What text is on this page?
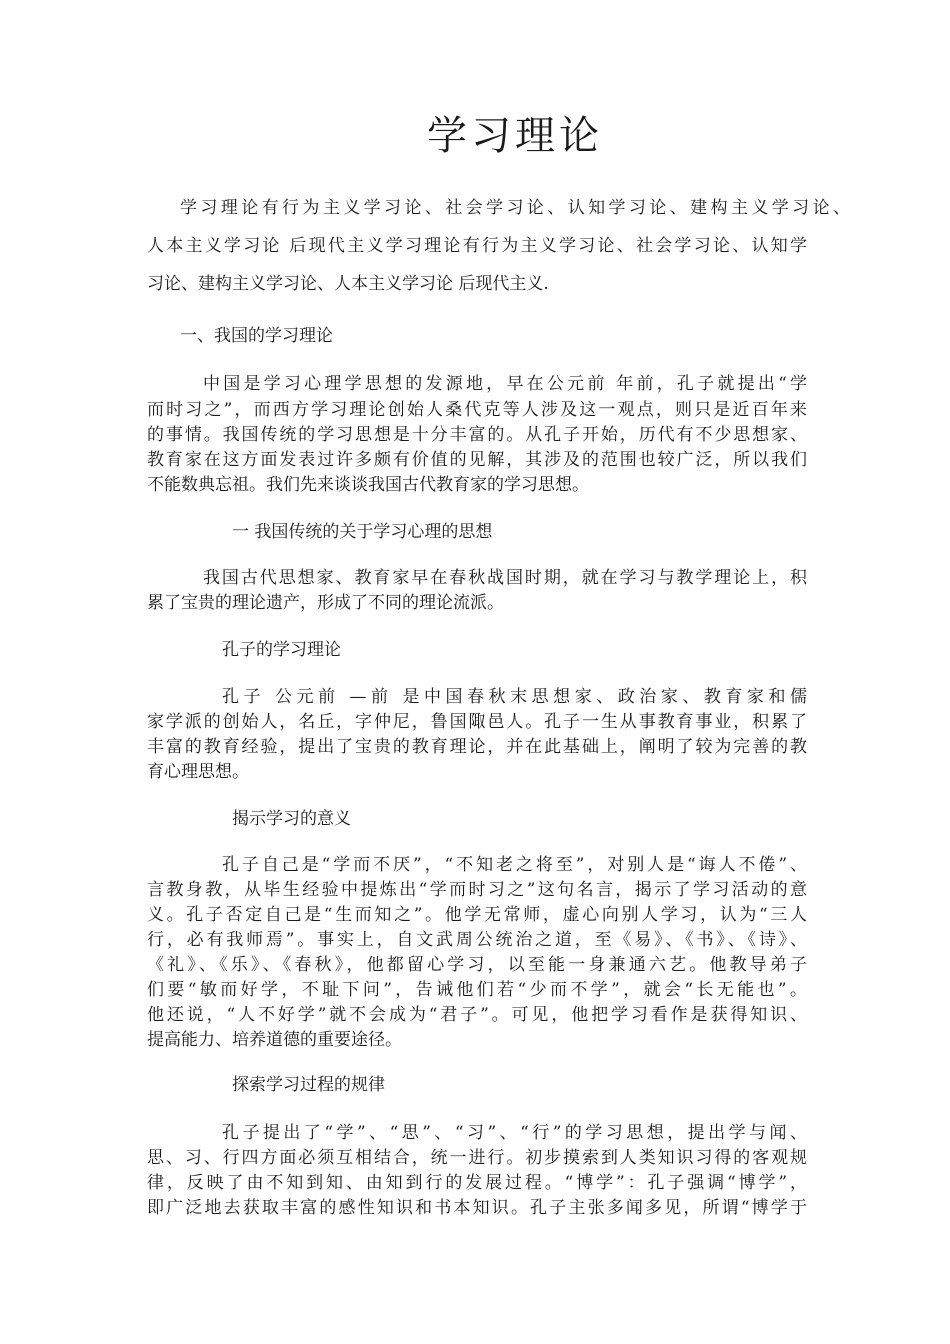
学习理论
学习理论有行为主义学习论、社会学习论、认知学习论、建构主义学习论、
人本主义学习论 后现代主义学习理论有行为主义学习论、社会学习论、认知学
习论、建构主义学习论、人本主义学习论 后现代主义.
一、我国的学习理论
中国是学习心理学思想的发源地，早在公元前 年前，孔子就提出“学
而时习之”，而西方学习理论创始人桑代克等人涉及这一观点，则只是近百年来
的事情。我国传统的学习思想是十分丰富的。从孔子开始，历代有不少思想家、
教育家在这方面发表过许多颇有价值的见解，其涉及的范围也较广泛，所以我们
不能数典忘祖。我们先来谈谈我国古代教育家的学习思想。
一 我国传统的关于学习心理的思想
我国古代思想家、教育家早在春秋战国时期，就在学习与教学理论上，积
累了宝贵的理论遗产，形成了不同的理论流派。
孔子的学习理论
孔子 公元前 —前 是中国春秋末思想家、政治家、教育家和儒
家学派的创始人，名丘，字仲尼，鲁国陬邑人。孔子一生从事教育事业，积累了
丰富的教育经验，提出了宝贵的教育理论，并在此基础上，阐明了较为完善的教
育心理思想。
揭示学习的意义
孔子自己是“学而不厌”，“不知老之将至”，对别人是“诲人不倦”、
言教身教，从毕生经验中提炼出“学而时习之”这句名言，揭示了学习活动的意
义。孔子否定自己是“生而知之”。他学无常师，虚心向别人学习，认为“三人
行，必有我师焉”。事实上，自文武周公统治之道，至《易》、《书》、《诗》、
《礼》、《乐》、《春秋》，他都留心学习，以至能一身兼通六艺。他教导弟子
们要“敏而好学，不耻下问”，告诫他们若“少而不学”，就会“长无能也”。
他还说，“人不好学”就不会成为“君子”。可见，他把学习看作是获得知识、
提高能力、培养道德的重要途径。
探索学习过程的规律
孔子提出了“学”、“思”、“习”、“行”的学习思想，提出学与闻、
思、习、行四方面必须互相结合，统一进行。初步摸索到人类知识习得的客观规
律，反映了由不知到知、由知到行的发展过程。“博学”：孔子强调“博学”，
即广泛地去获取丰富的感性知识和书本知识。孔子主张多闻多见，所谓“博学于
